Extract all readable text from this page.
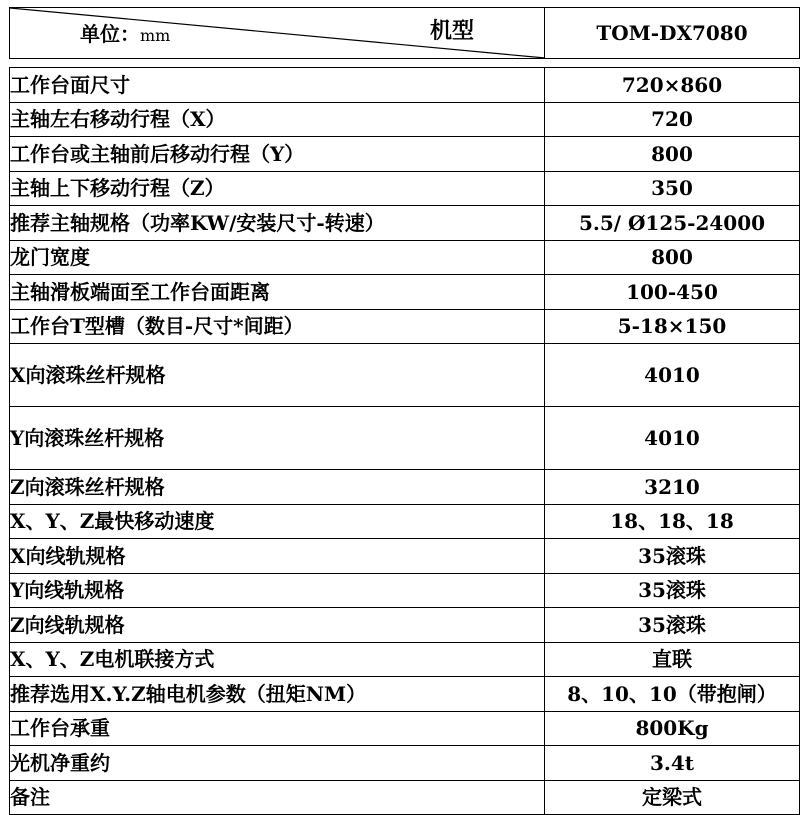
单位：mm 机型	TOM-DX7080

工作台面尺寸	720×860
主轴左右移动行程（X）	720
工作台或主轴前后移动行程（Y）	800
主轴上下移动行程（Z）	350
推荐主轴规格（功率KW/安装尺寸-转速）	5.5/ Ø125-24000
龙门宽度	800
主轴滑板端面至工作台面距离	100-450
工作台T型槽（数目-尺寸*间距）	5-18×150
X向滚珠丝杆规格	4010
Y向滚珠丝杆规格	4010
Z向滚珠丝杆规格	3210
X、Y、Z最快移动速度	18、18、18
X向线轨规格	35滚珠
Y向线轨规格	35滚珠
Z向线轨规格	35滚珠
X、Y、Z电机联接方式	直联
推荐选用X.Y.Z轴电机参数（扭矩NM）	8、10、10（带抱闸）
工作台承重	800Kg
光机净重约	3.4t
备注	定梁式
